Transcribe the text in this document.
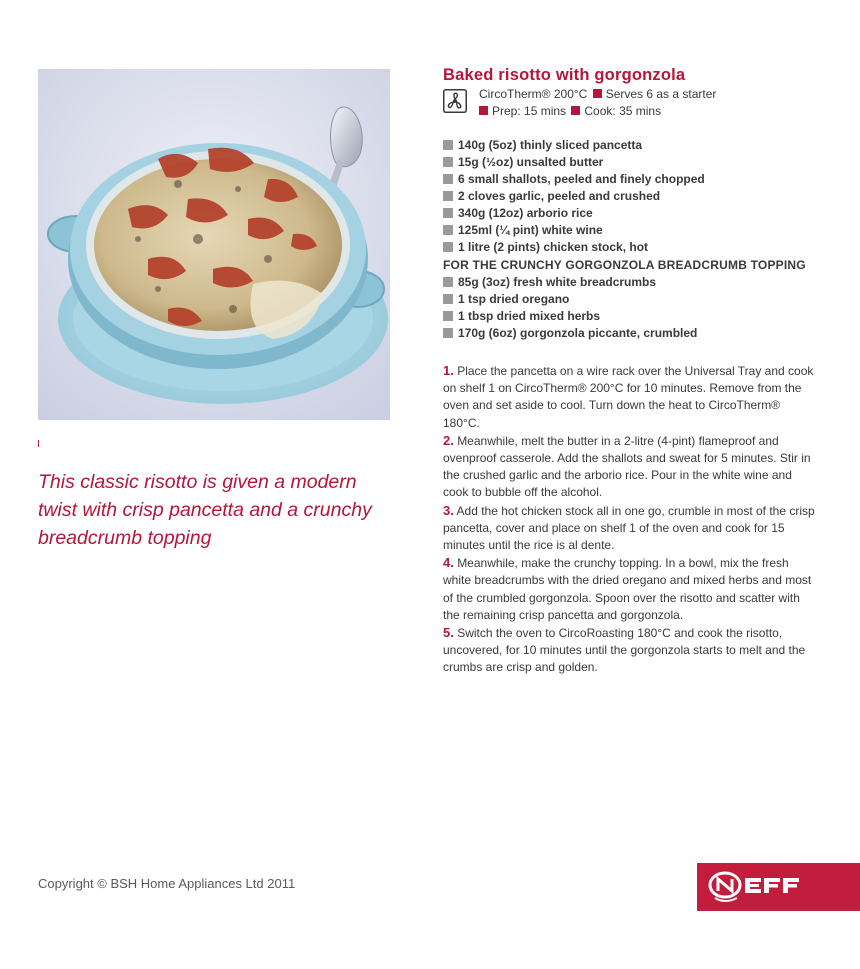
This classic risotto is given a modern twist with crisp pancetta and a crunchy breadcrumb topping

Baked risotto with gorgonzola
CircoTherm® 200°C Serves 6 as a starter
Prep: 15 mins Cook: 35 mins
140g (5oz) thinly sliced pancetta
15g (½oz) unsalted butter
6 small shallots, peeled and finely chopped
2 cloves garlic, peeled and crushed
340g (12oz) arborio rice
125ml (¼ pint) white wine
1 litre (2 pints) chicken stock, hot
FOR THE CRUNCHY GORGONZOLA BREADCRUMB TOPPING
85g (3oz) fresh white breadcrumbs
1 tsp dried oregano
1 tbsp dried mixed herbs
170g (6oz) gorgonzola piccante, crumbled

1. Place the pancetta on a wire rack over the Universal Tray and cook on shelf 1 on CircoTherm® 200°C for 10 minutes. Remove from the oven and set aside to cool. Turn down the heat to CircoTherm® 180°C.

2. Meanwhile, melt the butter in a 2-litre (4-pint) flameproof and ovenproof casserole. Add the shallots and sweat for 5 minutes. Stir in the crushed garlic and the arborio rice. Pour in the white wine and cook to bubble off the alcohol.

3. Add the hot chicken stock all in one go, crumble in most of the crisp pancetta, cover and place on shelf 1 of the oven and cook for 15 minutes until the rice is al dente.

4. Meanwhile, make the crunchy topping. In a bowl, mix the fresh white breadcrumbs with the dried oregano and mixed herbs and most of the crumbled gorgonzola. Spoon over the risotto and scatter with the remaining crisp pancetta and gorgonzola.

5. Switch the oven to CircoRoasting 180°C and cook the risotto, uncovered, for 10 minutes until the gorgonzola starts to melt and the crumbs are crisp and golden.

Copyright © BSH Home Appliances Ltd 2011
